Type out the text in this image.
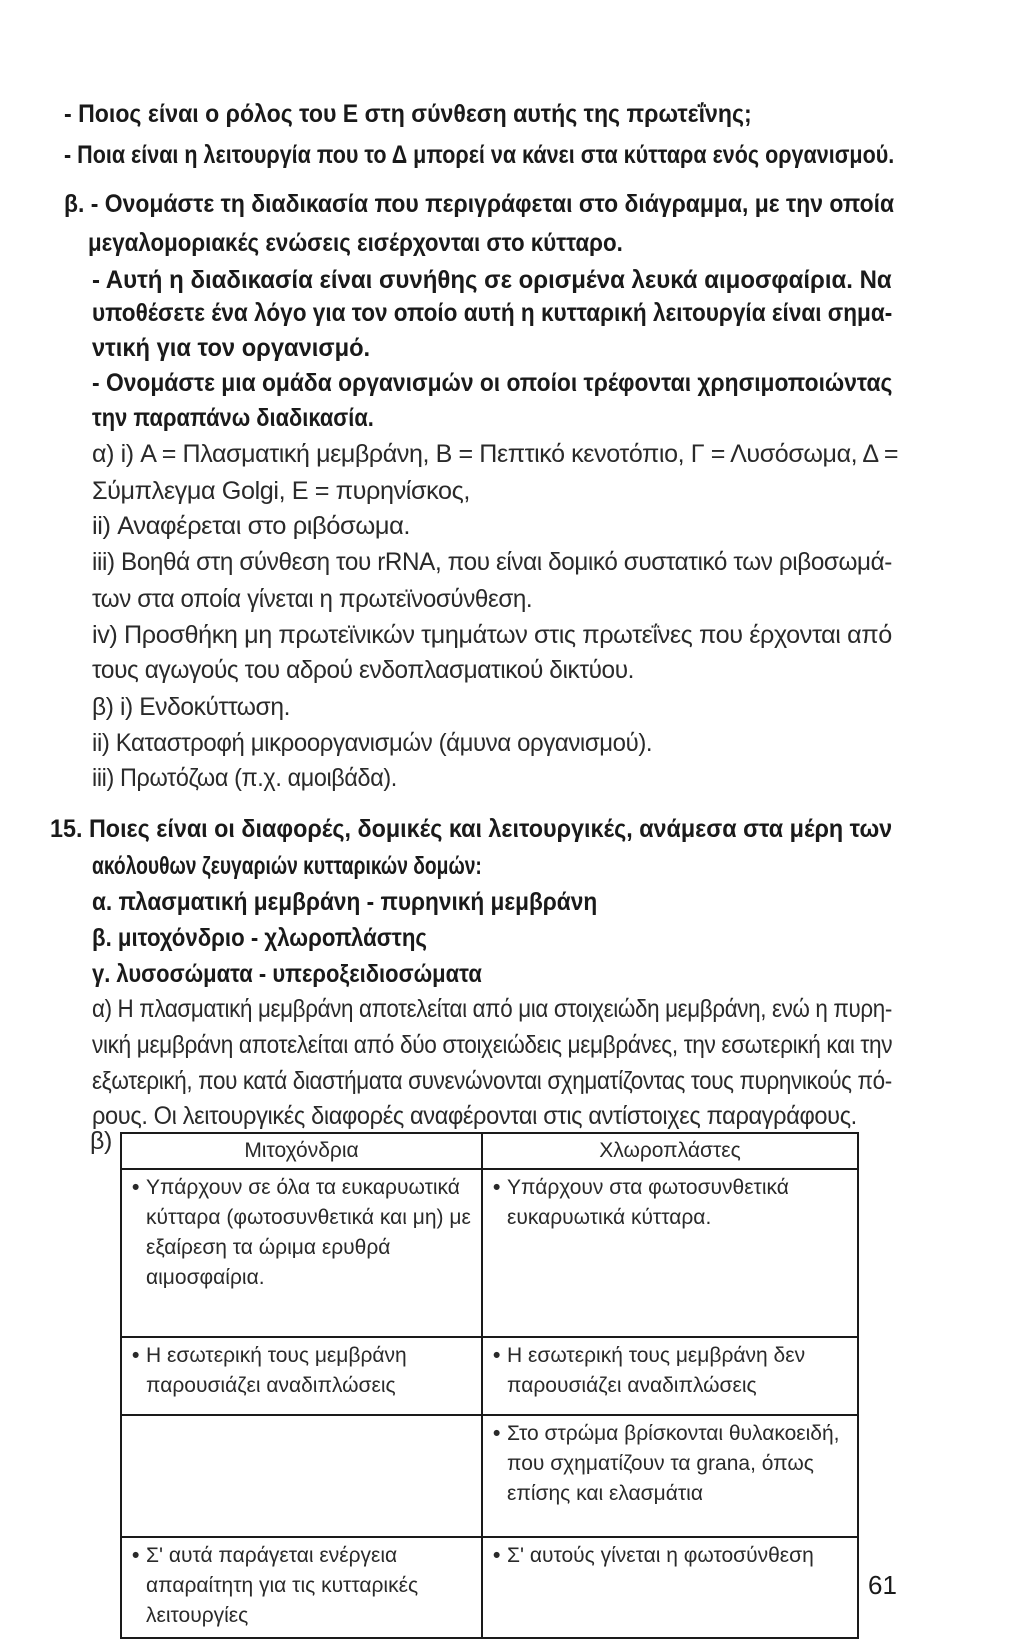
- Ποιος είναι ο ρόλος του Ε στη σύνθεση αυτής της πρωτεΐνης;
- Ποια είναι η λειτουργία που το Δ μπορεί να κάνει στα κύτταρα ενός οργανισμού.
β. - Ονομάστε τη διαδικασία που περιγράφεται στο διάγραμμα, με την οποία
μεγαλομοριακές ενώσεις εισέρχονται στο κύτταρο.
- Αυτή η διαδικασία είναι συνήθης σε ορισμένα λευκά αιμοσφαίρια. Να
υποθέσετε ένα λόγο για τον οποίο αυτή η κυτταρική λειτουργία είναι σημα-
ντική για τον οργανισμό.
- Ονομάστε μια ομάδα οργανισμών οι οποίοι τρέφονται χρησιμοποιώντας
την παραπάνω διαδικασία.
α) i) Α = Πλασματική μεμβράνη, Β = Πεπτικό κενοτόπιο, Γ = Λυσόσωμα, Δ =
Σύμπλεγμα Golgi, Ε = πυρηνίσκος,
ii) Αναφέρεται στο ριβόσωμα.
iii) Βοηθά στη σύνθεση του rRNA, που είναι δομικό συστατικό των ριβοσωμά-
των στα οποία γίνεται η πρωτεϊνοσύνθεση.
iv) Προσθήκη μη πρωτεϊνικών τμημάτων στις πρωτεΐνες που έρχονται από
τους αγωγούς του αδρού ενδοπλασματικού δικτύου.
β) i) Ενδοκύττωση.
ii) Καταστροφή μικροοργανισμών (άμυνα οργανισμού).
iii) Πρωτόζωα (π.χ. αμοιβάδα).
15. Ποιες είναι οι διαφορές, δομικές και λειτουργικές, ανάμεσα στα μέρη των
ακόλουθων ζευγαριών κυτταρικών δομών:
α. πλασματική μεμβράνη - πυρηνική μεμβράνη
β. μιτοχόνδριο - χλωροπλάστης
γ. λυσοσώματα - υπεροξειδιοσώματα
α) Η πλασματική μεμβράνη αποτελείται από μια στοιχειώδη μεμβράνη, ενώ η πυρη-
νική μεμβράνη αποτελείται από δύο στοιχειώδεις μεμβράνες, την εσωτερική και την
εξωτερική, που κατά διαστήματα συνενώνονται σχηματίζοντας τους πυρηνικούς πό-
ρους. Οι λειτουργικές διαφορές αναφέρονται στις αντίστοιχες παραγράφους.
β)	Μιτοχόνδρια	Χλωροπλάστες

• Υπάρχουν σε όλα τα ευκαρυωτικά κύτταρα (φωτοσυνθετικά και μη) με εξαίρεση τα ώριμα ερυθρά αιμοσφαίρια.	• Υπάρχουν στα φωτοσυνθετικά ευκαρυωτικά κύτταρα.

• Η εσωτερική τους μεμβράνη παρουσιάζει αναδιπλώσεις	• Η εσωτερική τους μεμβράνη δεν παρουσιάζει αναδιπλώσεις

	• Στο στρώμα βρίσκονται θυλακοειδή, που σχηματίζουν τα grana, όπως επίσης και ελασμάτια

• Σ' αυτά παράγεται ενέργεια απαραίτητη για τις κυτταρικές λειτουργίες	• Σ' αυτούς γίνεται η φωτοσύνθεση
61
